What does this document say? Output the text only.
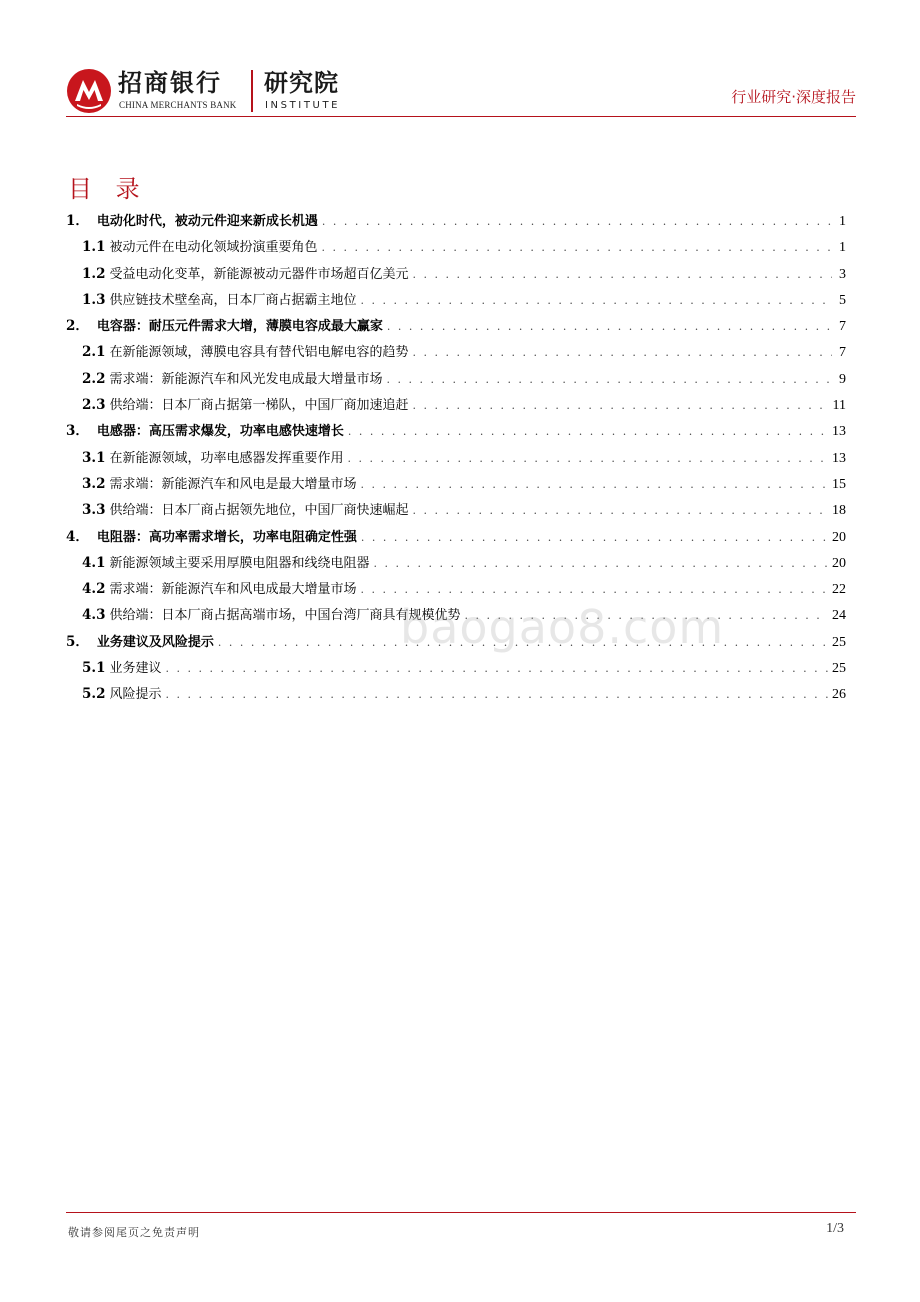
招商银行
CHINA MERCHANTS BANK
研究院
INSTITUTE	行业研究·深度报告
目 录
1． 电动化时代，被动元件迎来新成长机遇 . . .	1
1.1 被动元件在电动化领域扮演重要角色 . . .	1
1.2 受益电动化变革，新能源被动元器件市场超百亿美元 . . .	3
1.3 供应链技术壁垒高，日本厂商占据霸主地位 . . .	5
2． 电容器：耐压元件需求大增，薄膜电容成最大赢家 . . .	7
2.1 在新能源领域，薄膜电容具有替代铝电解电容的趋势 . . .	7
2.2 需求端：新能源汽车和风光发电成最大增量市场 . . .	9
2.3 供给端：日本厂商占据第一梯队，中国厂商加速追赶 . . .	11
3． 电感器：高压需求爆发，功率电感快速增长 . . .	13
3.1 在新能源领域，功率电感器发挥重要作用 . . .	13
3.2 需求端：新能源汽车和风电是最大增量市场 . . .	15
3.3 供给端：日本厂商占据领先地位，中国厂商快速崛起 . . .	18
4． 电阻器：高功率需求增长，功率电阻确定性强 . . .	20
4.1 新能源领域主要采用厚膜电阻器和线绕电阻器 . . .	20
4.2 需求端：新能源汽车和风电成最大增量市场 . . .	22
4.3 供给端：日本厂商占据高端市场，中国台湾厂商具有规模优势 . . .	24
5． 业务建议及风险提示 . . .	25
5.1 业务建议 . . .	25
5.2 风险提示 . . .	26
baogao8.com
敬请参阅尾页之免责声明	1/3
